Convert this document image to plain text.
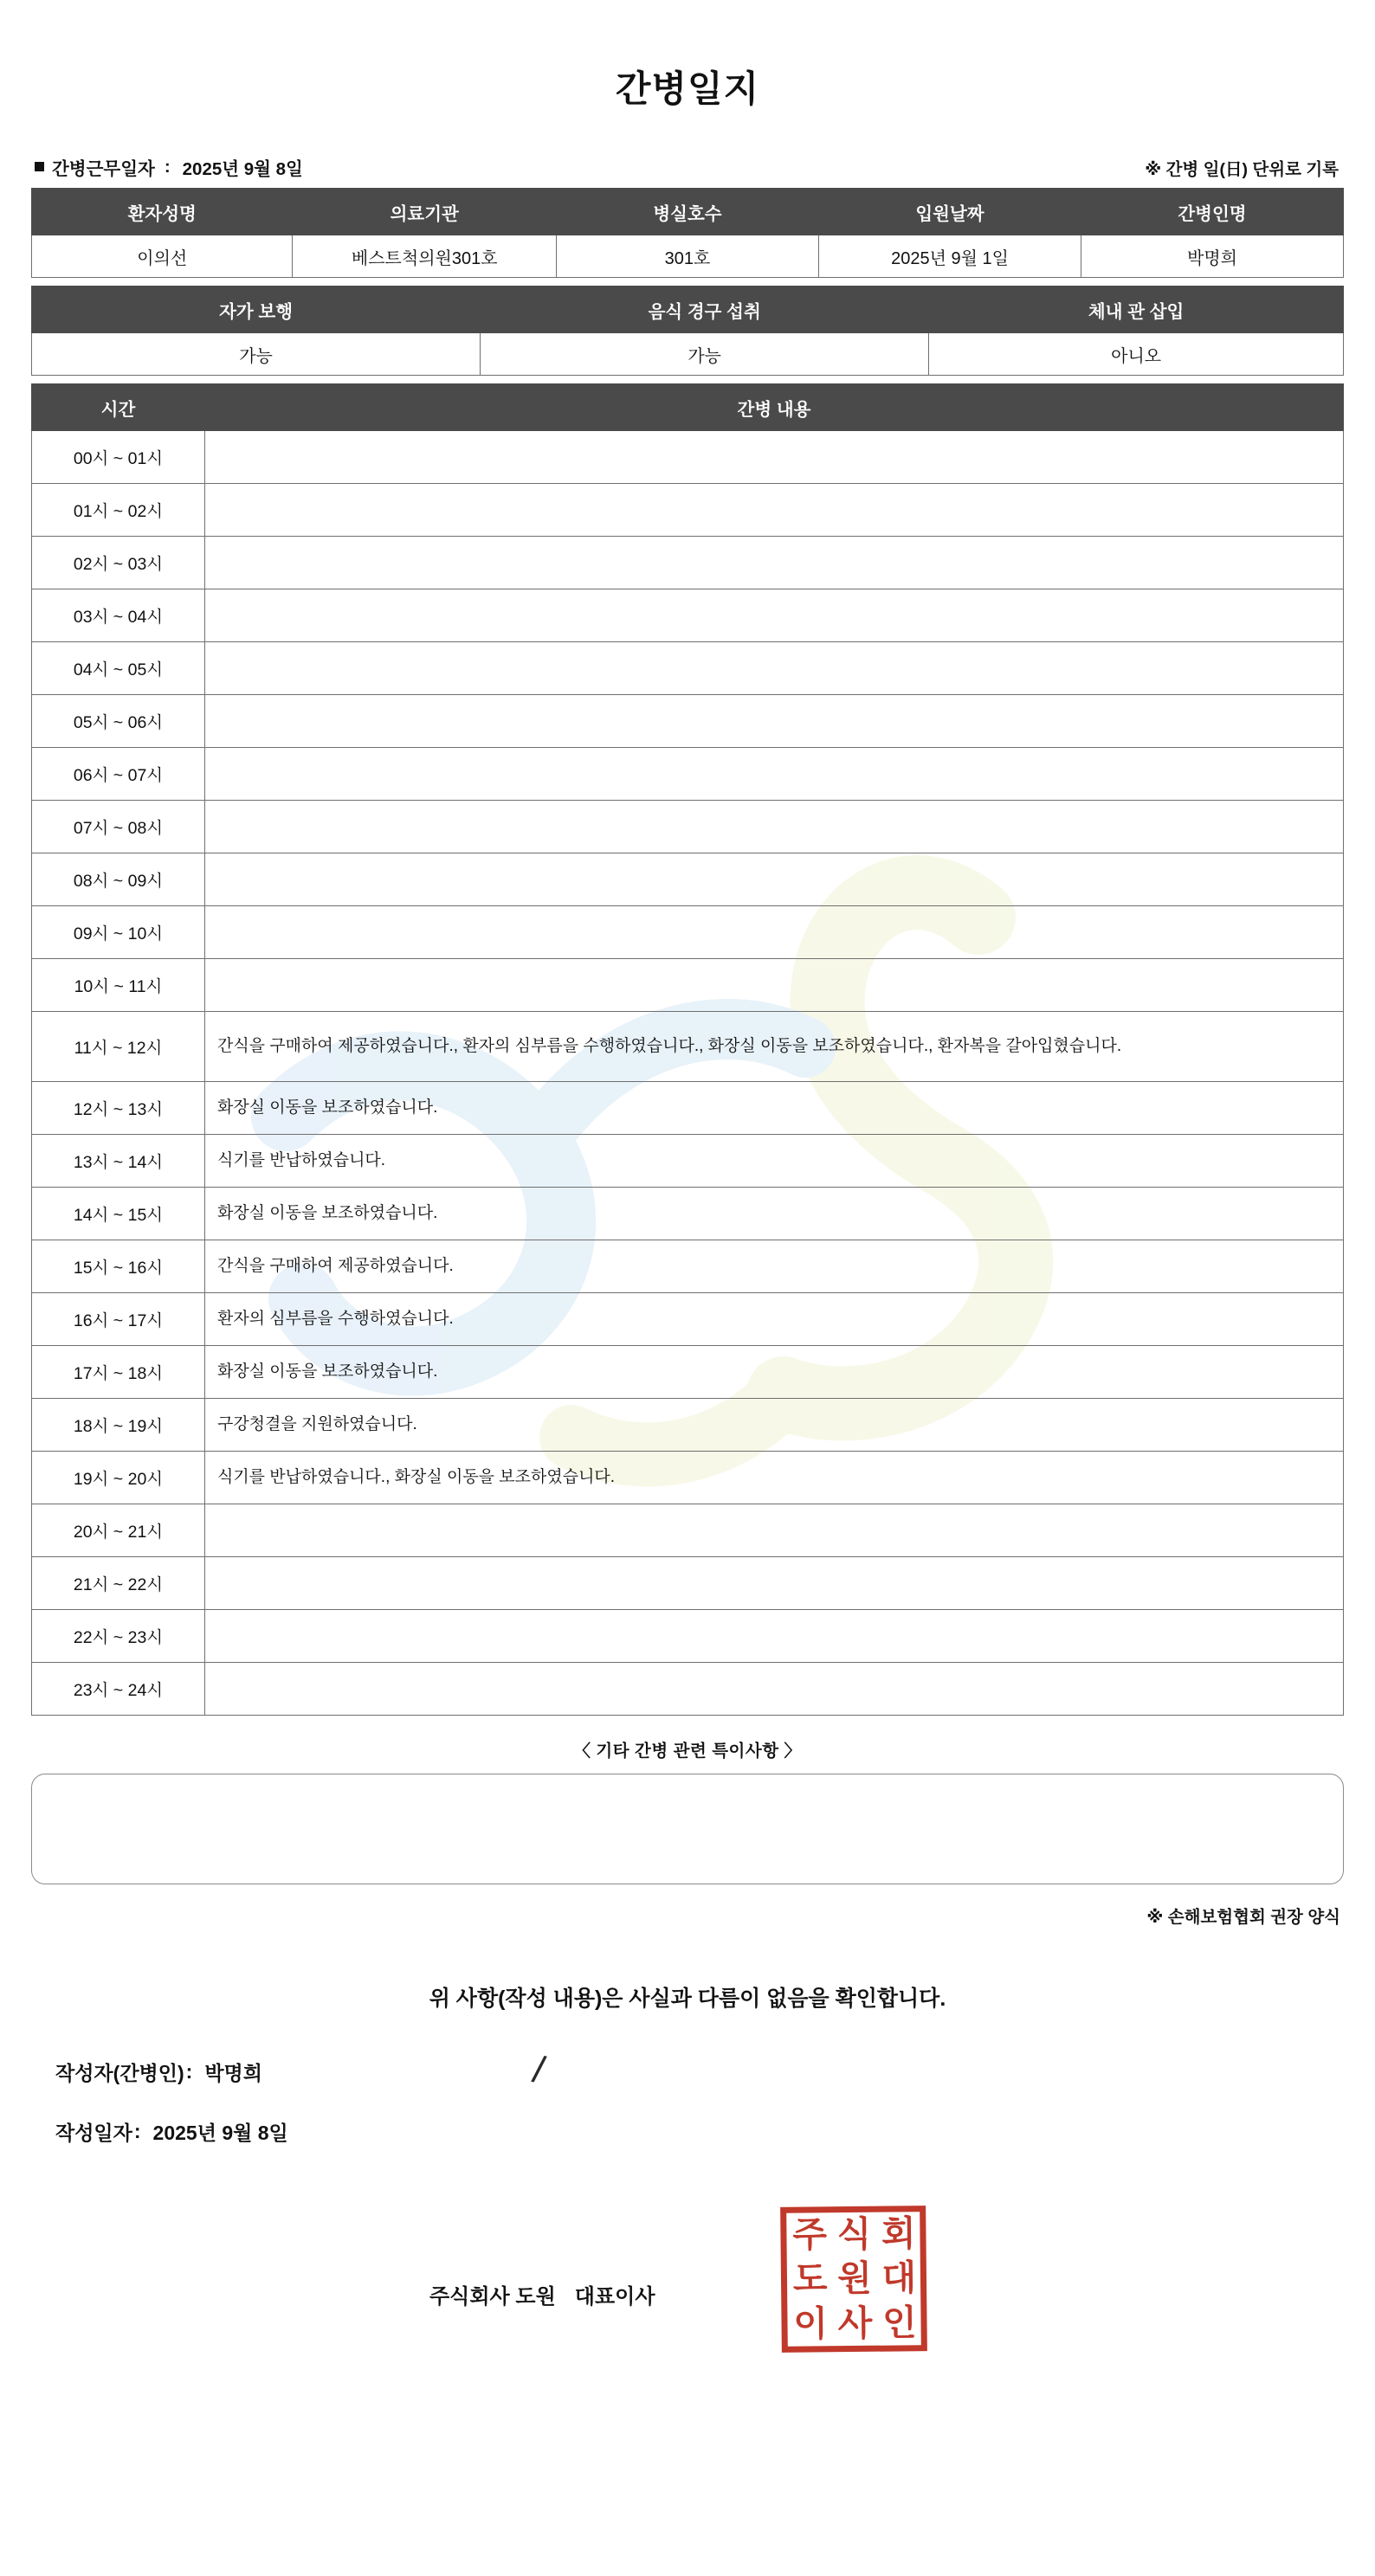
간병일지
간병근무일자 : 2025년 9월 8일	※ 간병 일(日) 단위로 기록
환자성명	의료기관	병실호수	입원날짜	간병인명
이의선	베스트척의원301호	301호	2025년 9월 1일	박명희
자가 보행	음식 경구 섭취	체내 관 삽입
가능	가능	아니오
시간	간병 내용
00시 ~ 01시	
01시 ~ 02시	
02시 ~ 03시	
03시 ~ 04시	
04시 ~ 05시	
05시 ~ 06시	
06시 ~ 07시	
07시 ~ 08시	
08시 ~ 09시	
09시 ~ 10시	
10시 ~ 11시	
11시 ~ 12시	간식을 구매하여 제공하였습니다., 환자의 심부름을 수행하였습니다., 화장실 이동을 보조하였습니다., 환자복을 갈아입혔습니다.
12시 ~ 13시	화장실 이동을 보조하였습니다.
13시 ~ 14시	식기를 반납하였습니다.
14시 ~ 15시	화장실 이동을 보조하였습니다.
15시 ~ 16시	간식을 구매하여 제공하였습니다.
16시 ~ 17시	환자의 심부름을 수행하였습니다.
17시 ~ 18시	화장실 이동을 보조하였습니다.
18시 ~ 19시	구강청결을 지원하였습니다.
19시 ~ 20시	식기를 반납하였습니다., 화장실 이동을 보조하였습니다.
20시 ~ 21시	
21시 ~ 22시	
22시 ~ 23시	
23시 ~ 24시	
〈 기타 간병 관련 특이사항 〉
※ 손해보험협회 권장 양식
위 사항(작성 내용)은 사실과 다름이 없음을 확인합니다.
/
작성자(간병인) : 박명희
작성일자 : 2025년 9월 8일
주식회사 도원 대표이사
주 식 회
도 원 대
이 사 인
